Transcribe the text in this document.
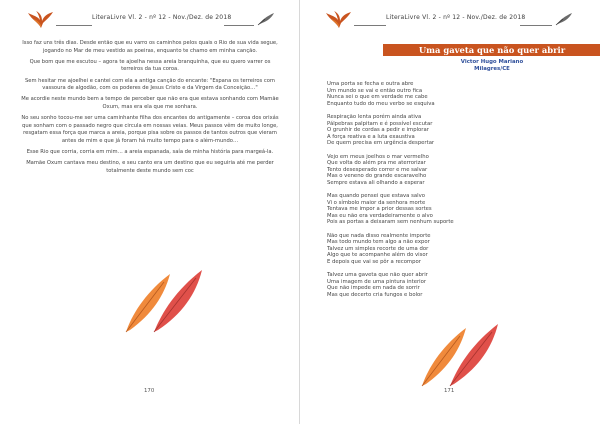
LiteraLivre Vl. 2 - nº 12 - Nov./Dez. de 2018

Isso faz uns três dias. Desde então que eu varro os caminhos pelos quais o Rio de sua vida segue, jogando no Mar de meu vestido as poeiras, enquanto te chamo em minha canção.

Que bom que me escutou – agora te ajoelha nessa areia branquinha, que eu quero varrer os terreiros da tua coroa.

Sem hesitar me ajoelhei e cantei com ela a antiga canção do encante: "Espana os terreiros com vassoura de algodão, com os poderes de Jesus Cristo e da Virgem da Conceição…"

Me acordie neste mundo bem a tempo de perceber que não era que estava sonhando com Mamãe Oxum, mas era ela que me sonhara.

No seu sonho tocou-me ser uma caminhante filha dos encantes do antigamente – coroa dos orixás que sonham com o passado negro que circula em nossas veias. Meus passos vêm de muito longe, resgatam essa força que marca a areia, porque pisa sobre os passos de tantos outros que vieram antes de mim e que já foram há muito tempo para o além-mundo…

Esse Rio que corria, corria em mim… a areia espanada, saía de minha história para margeá-la.

Mamãe Oxum cantava meu destino, e seu canto era um destino que eu seguiria até me perder totalmente deste mundo sem coc

170
LiteraLivre Vl. 2 - nº 12 - Nov./Dez. de 2018
Uma gaveta que não quer abrir
Victor Hugo Mariano
Milagres/CE
Uma porta se fecha e outra abre
Um mundo se vai e então outro fica
Nunca sei o que em verdade me cabe
Enquanto tudo do meu verbo se esquiva
Respiração lenta porém ainda ativa
Pálpebras palpitam e é possível escutar
O grunhir de cordas a pedir e implorar
A força reativa e a luta exaustiva
De quem precisa em urgência despertar
Vejo em meus joelhos o mar vermelho
Que volta do além pra me aterrorizar
Tento desesperado correr e me salvar
Mas o veneno do grande escaravelho
Sempre estava ali olhando a esperar
Mas quando pensei que estava salvo
Vi o símbolo maior da senhora morte
Tentava me impor a prior dessas sortes
Mas eu não era verdadeiramente o alvo
Pois as portas a deixaram sem nenhum suporte
Não que nada disso realmente importe
Mas todo mundo tem algo a não expor
Talvez um simples recorte de uma dor
Algo que te acompanhe além do visor
E depois que vai se pôr a recompor
Talvez uma gaveta que não quer abrir
Uma imagem de uma pintura interior
Que não impede em nada de sorrir
Mas que decerto cria fungos e bolor
171
